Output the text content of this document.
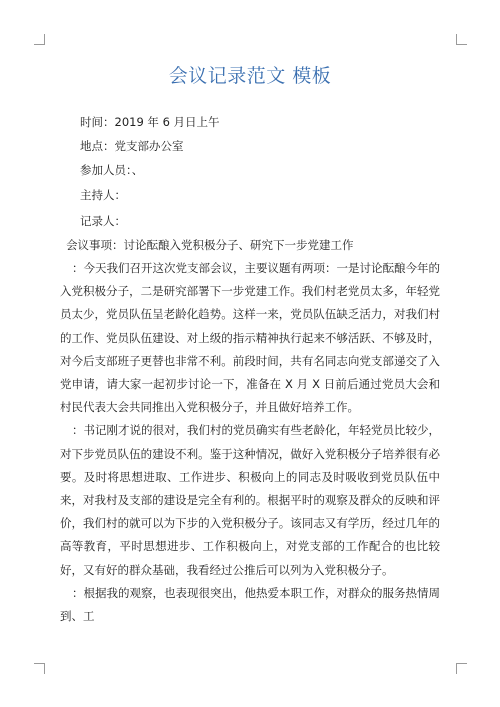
会议记录范文 模板
时间：2019 年 6 月日上午
地点：党支部办公室
参加人员：、
主持人：
记录人：
会议事项：讨论酝酿入党积极分子、研究下一步党建工作

：今天我们召开这次党支部会议，主要议题有两项：一是讨论酝酿今年的入党积极分子，二是研究部署下一步党建工作。我们村老党员太多，年轻党员太少，党员队伍呈老龄化趋势。这样一来，党员队伍缺乏活力，对我们村的工作、党员队伍建设、对上级的指示精神执行起来不够活跃、不够及时，对今后支部班子更替也非常不利。前段时间，共有名同志向党支部递交了入党申请，请大家一起初步讨论一下，准备在 X 月 X 日前后通过党员大会和村民代表大会共同推出入党积极分子，并且做好培养工作。

：书记刚才说的很对，我们村的党员确实有些老龄化，年轻党员比较少，对下步党员队伍的建设不利。鉴于这种情况，做好入党积极分子培养很有必要。及时将思想进取、工作进步、积极向上的同志及时吸收到党员队伍中来，对我村及支部的建设是完全有利的。根据平时的观察及群众的反映和评价，我们村的就可以为下步的入党积极分子。该同志又有学历，经过几年的高等教育，平时思想进步、工作积极向上，对党支部的工作配合的也比较好，又有好的群众基础，我看经过公推后可以列为入党积极分子。

：根据我的观察，也表现很突出，他热爱本职工作，对群众的服务热情周到、工
